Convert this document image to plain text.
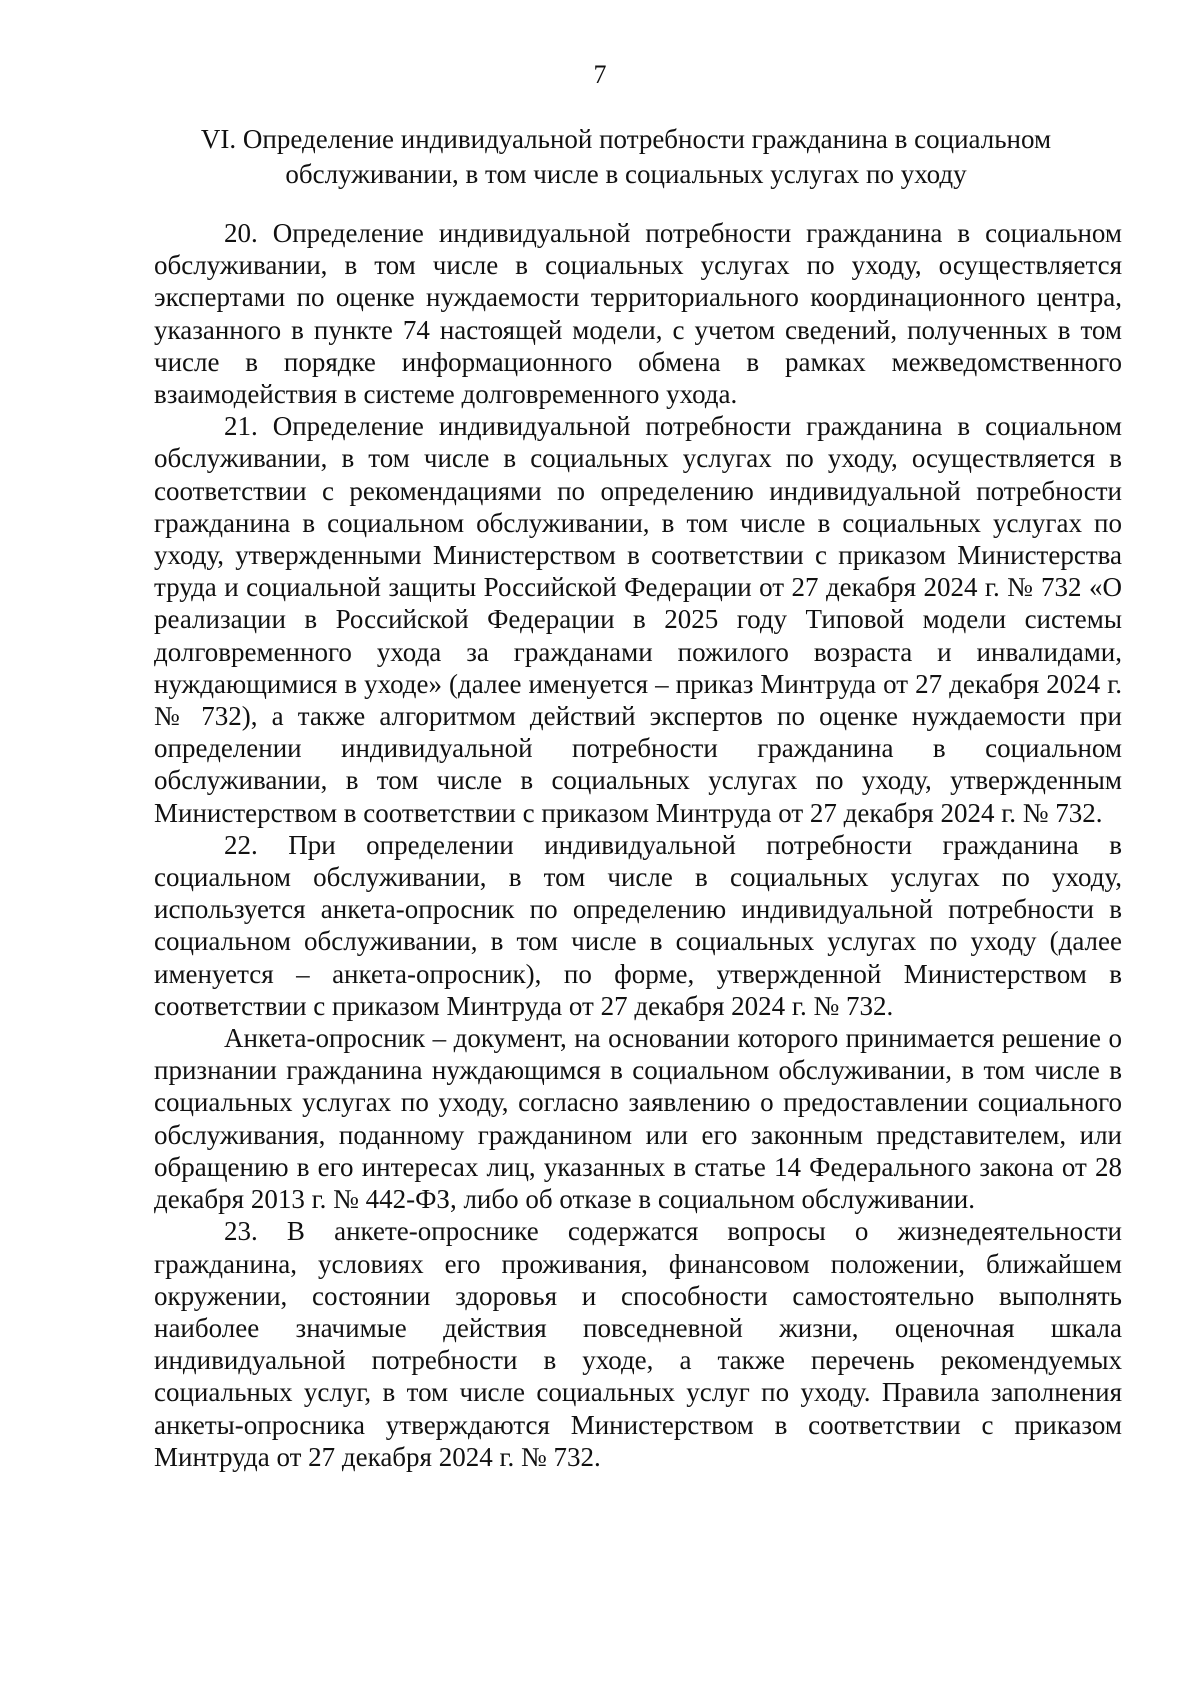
7
VI. Определение индивидуальной потребности гражданина в социальном
обслуживании, в том числе в социальных услугах по уходу

20. Определение индивидуальной потребности гражданина в социальном обслуживании, в том числе в социальных услугах по уходу, осуществляется экспертами по оценке нуждаемости территориального координационного центра, указанного в пункте 74 настоящей модели, с учетом сведений, полученных в том числе в порядке информационного обмена в рамках межведомственного взаимодействия в системе долговременного ухода.

21. Определение индивидуальной потребности гражданина в социальном обслуживании, в том числе в социальных услугах по уходу, осуществляется в соответствии с рекомендациями по определению индивидуальной потребности гражданина в социальном обслуживании, в том числе в социальных услугах по уходу, утвержденными Министерством в соответствии с приказом Министерства труда и социальной защиты Российской Федерации от 27 декабря 2024 г. № 732 «О реализации в Российской Федерации в 2025 году Типовой модели системы долговременного ухода за гражданами пожилого возраста и инвалидами, нуждающимися в уходе» (далее именуется – приказ Минтруда от 27 декабря 2024 г. № 732), а также алгоритмом действий экспертов по оценке нуждаемости при определении индивидуальной потребности гражданина в социальном обслуживании, в том числе в социальных услугах по уходу, утвержденным Министерством в соответствии с приказом Минтруда от 27 декабря 2024 г. № 732.

22. При определении индивидуальной потребности гражданина в социальном обслуживании, в том числе в социальных услугах по уходу, используется анкета-опросник по определению индивидуальной потребности в социальном обслуживании, в том числе в социальных услугах по уходу (далее именуется – анкета-опросник), по форме, утвержденной Министерством в соответствии с приказом Минтруда от 27 декабря 2024 г. № 732.

Анкета-опросник – документ, на основании которого принимается решение о признании гражданина нуждающимся в социальном обслуживании, в том числе в социальных услугах по уходу, согласно заявлению о предоставлении социального обслуживания, поданному гражданином или его законным представителем, или обращению в его интересах лиц, указанных в статье 14 Федерального закона от 28 декабря 2013 г. № 442-ФЗ, либо об отказе в социальном обслуживании.

23. В анкете-опроснике содержатся вопросы о жизнедеятельности гражданина, условиях его проживания, финансовом положении, ближайшем окружении, состоянии здоровья и способности самостоятельно выполнять наиболее значимые действия повседневной жизни, оценочная шкала индивидуальной потребности в уходе, а также перечень рекомендуемых социальных услуг, в том числе социальных услуг по уходу. Правила заполнения анкеты-опросника утверждаются Министерством в соответствии с приказом Минтруда от 27 декабря 2024 г. № 732.
